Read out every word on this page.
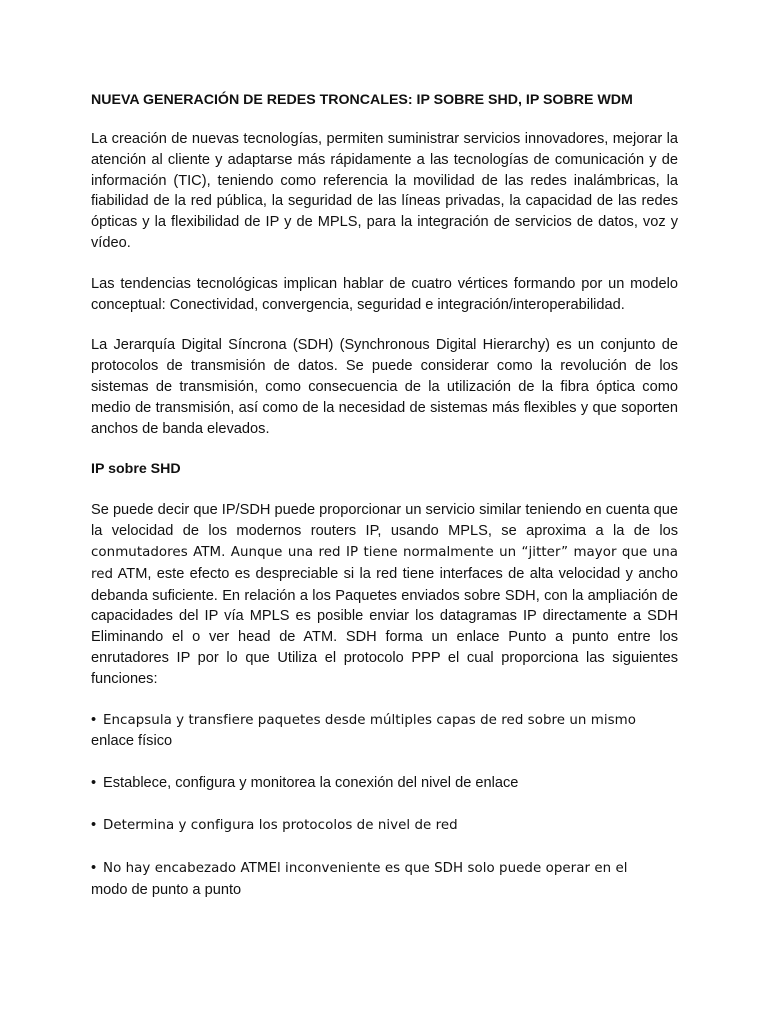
NUEVA GENERACIÓN DE REDES TRONCALES: IP SOBRE SHD, IP SOBRE WDM

La creación de nuevas tecnologías, permiten suministrar servicios innovadores, mejorar la atención al cliente y adaptarse más rápidamente a las tecnologías de comunicación y de información (TIC), teniendo como referencia la movilidad de las redes inalámbricas, la fiabilidad de la red pública, la seguridad de las líneas privadas, la capacidad de las redes ópticas y la flexibilidad de IP y de MPLS, para la integración de servicios de datos, voz y vídeo.

Las tendencias tecnológicas implican hablar de cuatro vértices formando por un modelo conceptual: Conectividad, convergencia, seguridad e integración/interoperabilidad.

La Jerarquía Digital Síncrona (SDH) (Synchronous Digital Hierarchy) es un conjunto de protocolos de transmisión de datos. Se puede considerar como la revolución de los sistemas de transmisión, como consecuencia de la utilización de la fibra óptica como medio de transmisión, así como de la necesidad de sistemas más flexibles y que soporten anchos de banda elevados.

IP sobre SHD

Se puede decir que IP/SDH puede proporcionar un servicio similar teniendo en cuenta que la velocidad de los modernos routers IP, usando MPLS, se aproxima a la de los conmutadores ATM. Aunque una red IP tiene normalmente un “jitter” mayor que una red ATM, este efecto es despreciable si la red tiene interfaces de alta velocidad y ancho debanda suficiente. En relación a los Paquetes enviados sobre SDH, con la ampliación de capacidades del IP vía MPLS es posible enviar los datagramas IP directamente a SDH Eliminando el o ver head de ATM. SDH forma un enlace Punto a punto entre los enrutadores IP por lo que Utiliza el protocolo PPP el cual proporciona las siguientes funciones:

• Encapsula y transfiere paquetes desde múltiples capas de red sobre un mismo
enlace físico
• Establece, configura y monitorea la conexión del nivel de enlace
• Determina y configura los protocolos de nivel de red
• No hay encabezado ATMEl inconveniente es que SDH solo puede operar en el
modo de punto a punto
